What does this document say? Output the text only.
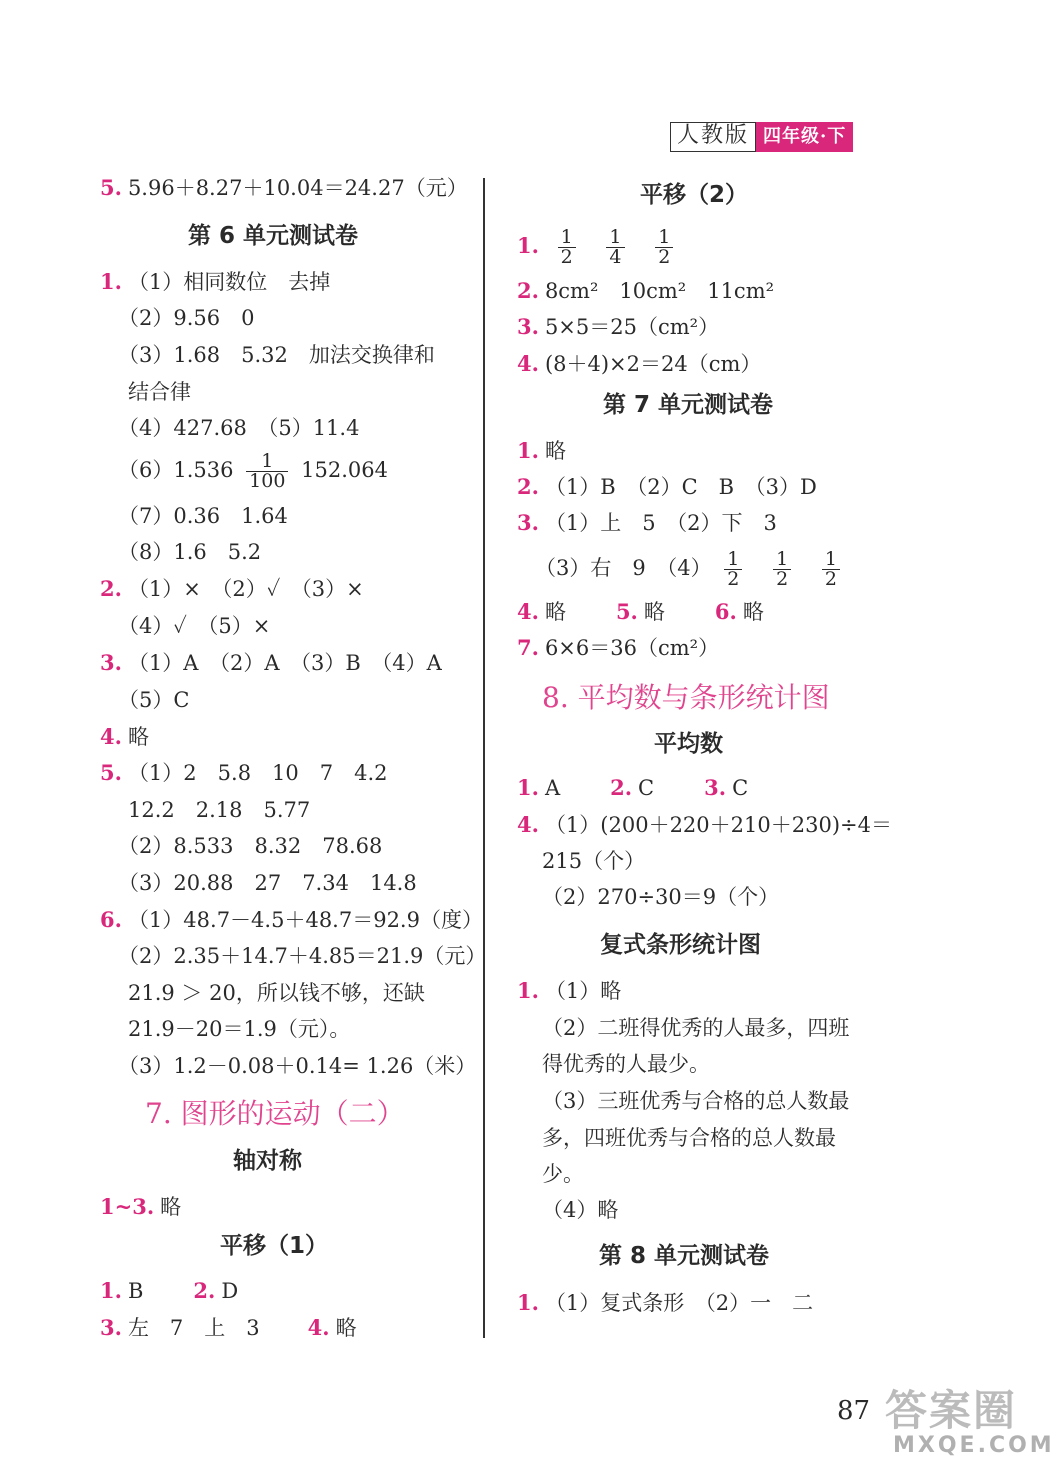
人教版 四年级·下
5. 5.96＋8.27＋10.04＝24.27（元）
第 6 单元测试卷
1. （1）相同数位　去掉
（2）9.56　0
（3）1.68　5.32　加法交换律和
结合律
（4）427.68　（5）11.4
$(6)1.536 \frac{1}{100} 152.064$
（7）0.36　1.64
（8）1.6　5.2
2. （1）×　（2）✓　（3）×
（4）✓　（5）×
3. （1）A　（2）A　（3）B　（4）A
（5）C
4. 略
5. （1）2　5.8　10　7　4.2
12.2　2.18　5.77
（2）8.533　8.32　78.68
（3）20.88　27　7.34　14.8
6. （1）48.7－4.5＋48.7＝92.9（度）
（2）2.35＋14.7＋4.85＝21.9（元）
21.9 ＞ 20，所以钱不够，还缺
21.9－20＝1.9（元）。
（3）1.2－0.08＋0.14= 1.26（米）
7. 图形的运动（二）
轴对称
1~3. 略
平移（1）
1. B 2. D
3. 左　7　上　3 4. 略
平移（2）
1. $\frac{1}{2}$
$\frac{1}{4}$
$\frac{1}{2}$
2. 8cm²　10cm²　11cm²
3. 5×5＝25（cm²）
4. (8＋4)×2＝24（cm）
第 7 单元测试卷
1. 略
2. （1）B　（2）C　B　（3）D
3. （1）上　5　（2）下　3
（3）右　9　$(4) \frac{1}{2}$
$\frac{1}{2}$
$\frac{1}{2}$
4. 略 5. 略 6. 略
7. 6×6＝36（cm²）
8. 平均数与条形统计图
平均数
1. A 2. C 3. C
4. （1）(200＋220＋210＋230)÷4＝
215（个）
（2）270÷30＝9（个）
复式条形统计图
1. （1）略
（2）二班得优秀的人最多，四班
得优秀的人最少。
（3）三班优秀与合格的总人数最
多，四班优秀与合格的总人数最
少。
（4）略
第 8 单元测试卷
1. （1）复式条形　（2）一　二
87 答案圈
MXQE.COM
